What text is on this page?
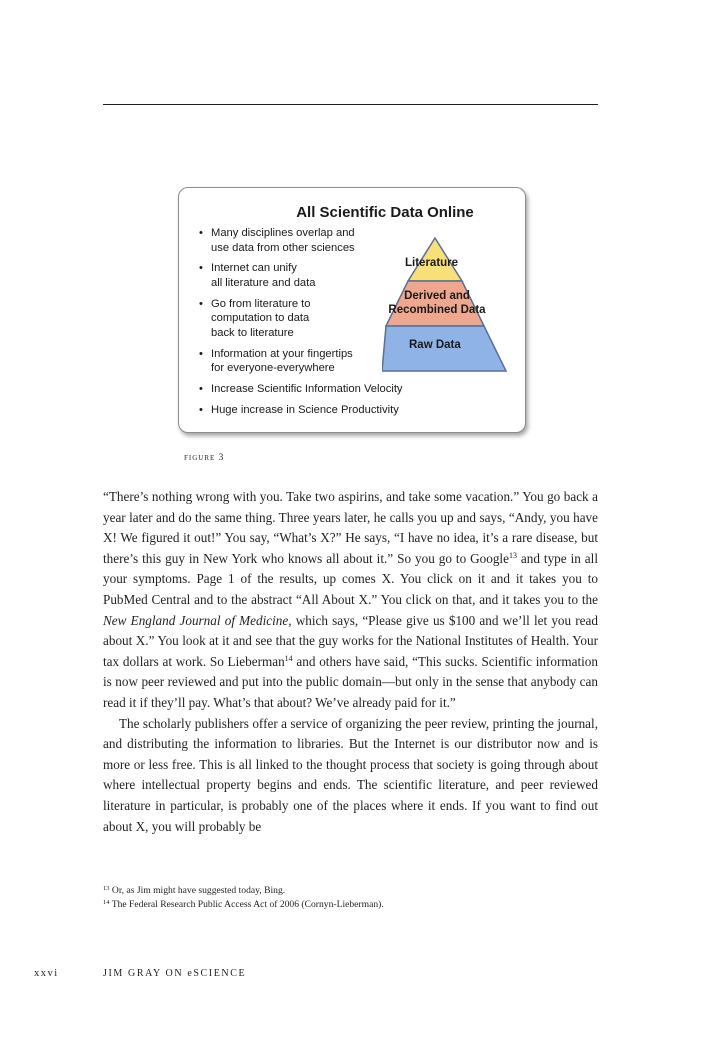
All Scientific Data Online
• Many disciplines overlap and
use data from other sciences
• Internet can unify
all literature and data
• Go from literature to
computation to data
back to literature
• Information at your fingertips
for everyone-everywhere
• Increase Scientific Information Velocity
• Huge increase in Science Productivity
Literature
Derived and
Recombined Data
Raw Data
figure 3

“There’s nothing wrong with you. Take two aspirins, and take some vacation.” You go back a year later and do the same thing. Three years later, he calls you up and says, “Andy, you have X! We figured it out!” You say, “What’s X?” He says, “I have no idea, it’s a rare disease, but there’s this guy in New York who knows all about it.” So you go to Google$^{13}$ and type in all your symptoms. Page 1 of the results, up comes X. You click on it and it takes you to PubMed Central and to the abstract “All About X.” You click on that, and it takes you to the New England Journal of Medicine, which says, “Please give us $100 and we’ll let you read about X.” You look at it and see that the guy works for the National Institutes of Health. Your tax dollars at work. So Lieberman$^{14}$ and others have said, “This sucks. Scientific information is now peer reviewed and put into the public domain—but only in the sense that anybody can read it if they’ll pay. What’s that about? We’ve already paid for it.”

The scholarly publishers offer a service of organizing the peer review, printing the journal, and distributing the information to libraries. But the Internet is our distributor now and is more or less free. This is all linked to the thought process that society is going through about where intellectual property begins and ends. The scientific literature, and peer reviewed literature in particular, is probably one of the places where it ends. If you want to find out about X, you will probably be

$^{13}$ Or, as Jim might have suggested today, Bing.
$^{14}$ The Federal Research Public Access Act of 2006 (Cornyn-Lieberman).
xxvi	JIM GRAY ON eSCIENCE
